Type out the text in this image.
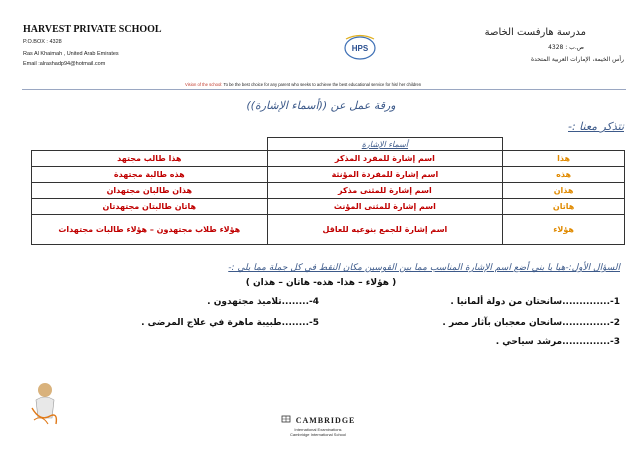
HARVEST PRIVATE SCHOOL
P.O.BOX : 4328
Ras Al Khaimah , United Arab Emirates
Email :alrashadp94@hotmail.com
HPS
مدرسة هارفست الخاصة
ص.ب : 4328
رأس الخيمة، الإمارات العربية المتحدة
Vision of the school: To be the best choice for any parent who seeks to achieve the best educational service for his/ her children
ورقة عمل عن ((أسماء الإشارة))
نتذكر معنا :-
	أسماء الإشارة	
هذا	اسم إشارة للمفرد المذكر	هذا طالب مجتهد
هذه	اسم إشارة للمفردة المؤنثة	هذه طالبة مجتهدة
هذان	اسم إشارة للمثنى مذكر	هذان طالبان مجتهدان
هاتان	اسم إشارة للمثنى المؤنث	هاتان طالبتان مجتهدتان
هؤلاء	اسم إشارة للجمع بنوعيه للعاقل	هؤلاء طلاب مجتهدون – هؤلاء طالبات مجتهدات
السؤال الأول:-هيا يا بني أضع اسم الإشارة المناسب مما بين القوسين مكان النقط في كل جملة مما يلي :-
( هؤلاء – هذا- هذه- هاتان – هذان )
1-..............سانحتان من دولة ألمانيا .
2-..............سانحان معجبان بآثار مصر .
3-..............مرشد سياحي .
4-........تلاميذ مجتهدون .
5-........طبيبة ماهرة في علاج المرضى .
CAMBRIDGE
International Examinations
Cambridge International School
